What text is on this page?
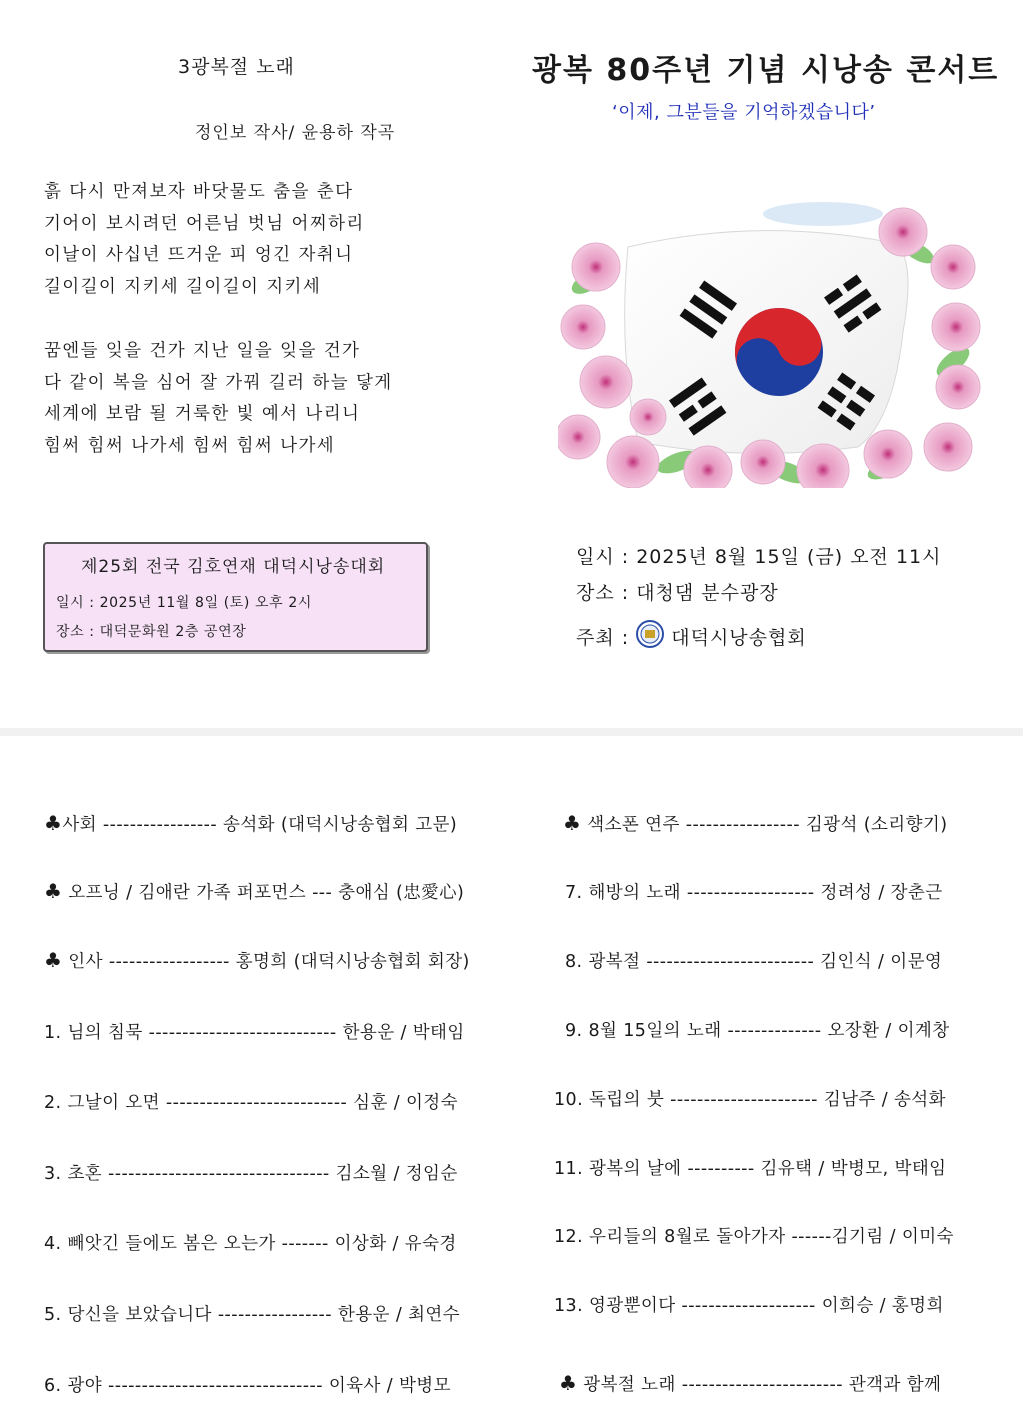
3광복절 노래
정인보 작사/ 윤용하 작곡
흙 다시 만져보자 바닷물도 춤을 춘다
기어이 보시려던 어른님 벗님 어찌하리
이날이 사십년 뜨거운 피 엉긴 자취니
길이길이 지키세 길이길이 지키세
꿈엔들 잊을 건가 지난 일을 잊을 건가
다 같이 복을 심어 잘 가꿔 길러 하늘 닿게
세계에 보람 될 거룩한 빛 예서 나리니
힘써 힘써 나가세 힘써 힘써 나가세
제25회 전국 김호연재 대덕시낭송대회
일시 : 2025년 11월 8일 (토) 오후 2시
장소 : 대덕문화원 2층 공연장
광복 80주년 기념 시낭송 콘서트
‘이제, 그분들을 기억하겠습니다’
일시 : 2025년 8월 15일 (금) 오전 11시
장소 : 대청댐 분수광장
주최 : 대덕시낭송협회
♣사회 ----------------- 송석화 (대덕시낭송협회 고문)
♣ 오프닝 / 김애란 가족 퍼포먼스 --- 충애심 (忠愛心)
♣ 인사 ------------------ 홍명희 (대덕시낭송협회 회장)
1. 님의 침묵 ---------------------------- 한용운 / 박태임
2. 그날이 오면 --------------------------- 심훈 / 이정숙
3. 초혼 --------------------------------- 김소월 / 정임순
4. 빼앗긴 들에도 봄은 오는가 ------- 이상화 / 유숙경
5. 당신을 보았습니다 ----------------- 한용운 / 최연수
6. 광야 -------------------------------- 이육사 / 박병모
♣ 색소폰 연주 ----------------- 김광석 (소리향기)
7. 해방의 노래 ------------------- 정려성 / 장춘근
8. 광복절 ------------------------- 김인식 / 이문영
9. 8월 15일의 노래 -------------- 오장환 / 이계창
10. 독립의 붓 ---------------------- 김남주 / 송석화
11. 광복의 날에 ---------- 김유택 / 박병모, 박태임
12. 우리들의 8월로 돌아가자 ------김기림 / 이미숙
13. 영광뿐이다 -------------------- 이희승 / 홍명희
♣ 광복절 노래 ------------------------ 관객과 함께
